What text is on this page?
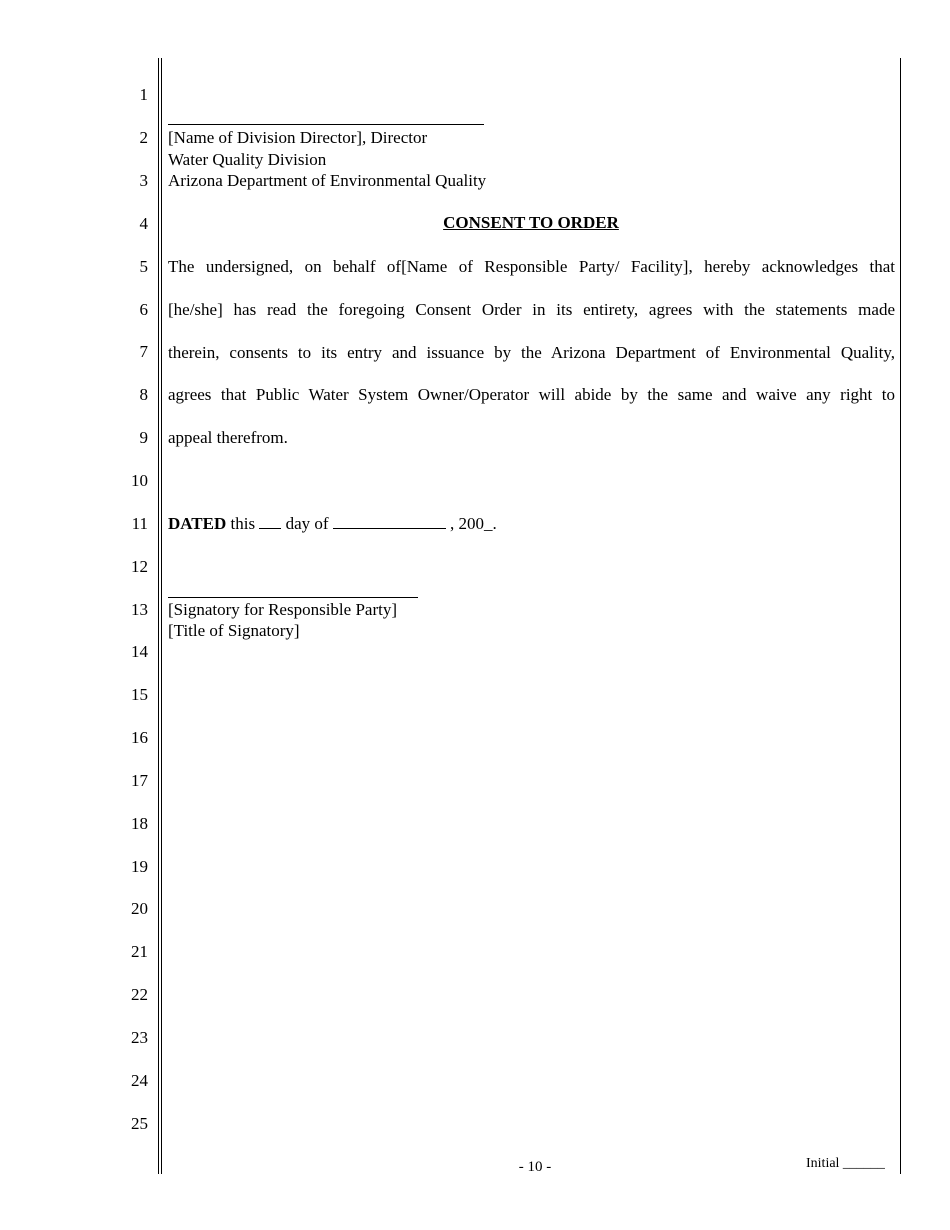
1
2
3
4
5
6
7
8
9
10
11
12
13
14
15
16
17
18
19
20
21
22
23
24
25
[Name of Division Director], Director
Water Quality Division
Arizona Department of Environmental Quality
CONSENT TO ORDER
The undersigned, on behalf of[Name of Responsible Party/ Facility], hereby acknowledges that
[he/she] has read the foregoing Consent Order in its entirety, agrees with the statements made
therein, consents to its entry and issuance by the Arizona Department of Environmental Quality,
agrees that Public Water System Owner/Operator will abide by the same and waive any right to
appeal therefrom.
DATED this day of	, 200_.
[Signatory for Responsible Party]
[Title of Signatory]
- 10 -	Initial ______
